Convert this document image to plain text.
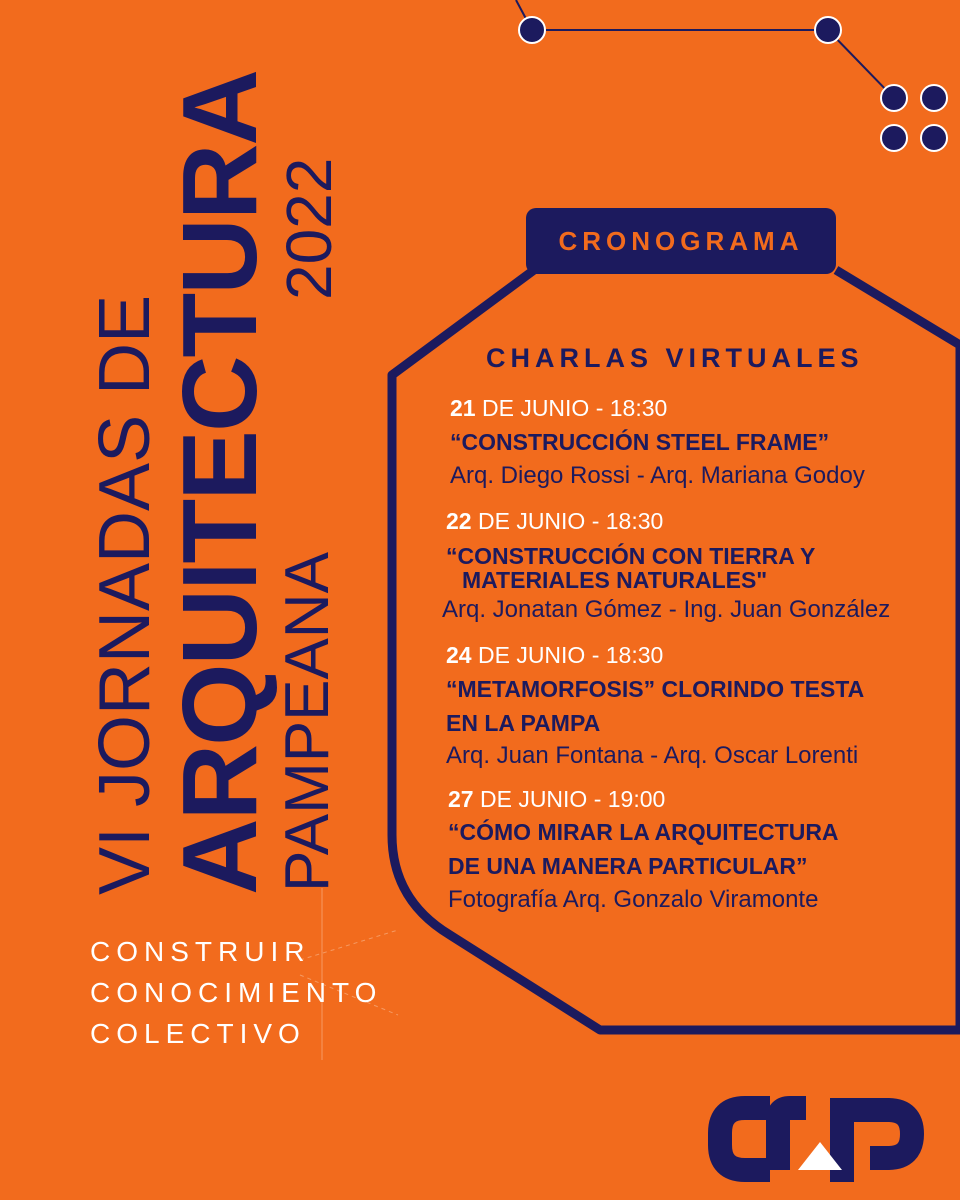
VI JORNADAS DE
ARQUITECTURA
2022
PAMPEANA
CONSTRUIR
CONOCIMIENTO
COLECTIVO
CRONOGRAMA
CHARLAS VIRTUALES
21 DE JUNIO - 18:30
“CONSTRUCCIÓN STEEL FRAME”
Arq. Diego Rossi - Arq. Mariana Godoy
22 DE JUNIO - 18:30
“CONSTRUCCIÓN CON TIERRA Y
MATERIALES NATURALES"
Arq. Jonatan Gómez - Ing. Juan González
24 DE JUNIO - 18:30
“METAMORFOSIS” CLORINDO TESTA
EN LA PAMPA
Arq. Juan Fontana - Arq. Oscar Lorenti
27 DE JUNIO - 19:00
“CÓMO MIRAR LA ARQUITECTURA
DE UNA MANERA PARTICULAR”
Fotografía Arq. Gonzalo Viramonte
